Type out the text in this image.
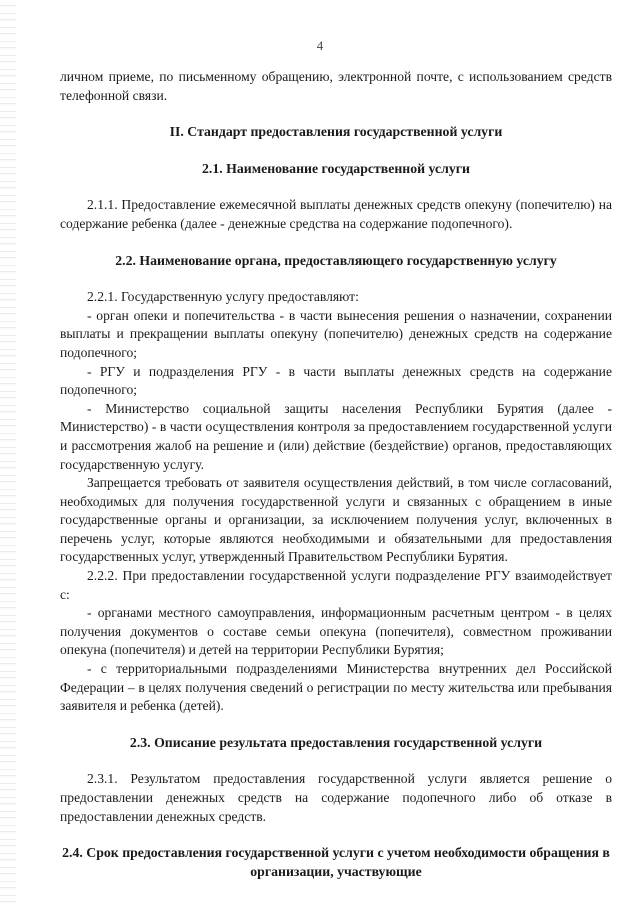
4

личном приеме, по письменному обращению, электронной почте, с использованием средств телефонной связи.

II. Стандарт предоставления государственной услуги

2.1. Наименование государственной услуги

2.1.1. Предоставление ежемесячной выплаты денежных средств опекуну (попечителю) на содержание ребенка (далее - денежные средства на содержание подопечного).

2.2. Наименование органа, предоставляющего государственную услугу

2.2.1. Государственную услугу предоставляют:

- орган опеки и попечительства - в части вынесения решения о назначении, сохранении выплаты и прекращении выплаты опекуну (попечителю) денежных средств на содержание подопечного;

- РГУ и подразделения РГУ - в части выплаты денежных средств на содержание подопечного;

- Министерство социальной защиты населения Республики Бурятия (далее - Министерство) - в части осуществления контроля за предоставлением государственной услуги и рассмотрения жалоб на решение и (или) действие (бездействие) органов, предоставляющих государственную услугу.

Запрещается требовать от заявителя осуществления действий, в том числе согласований, необходимых для получения государственной услуги и связанных с обращением в иные государственные органы и организации, за исключением получения услуг, включенных в перечень услуг, которые являются необходимыми и обязательными для предоставления государственных услуг, утвержденный Правительством Республики Бурятия.

2.2.2. При предоставлении государственной услуги подразделение РГУ взаимодействует с:

- органами местного самоуправления, информационным расчетным центром - в целях получения документов о составе семьи опекуна (попечителя), совместном проживании опекуна (попечителя) и детей на территории Республики Бурятия;

- с территориальными подразделениями Министерства внутренних дел Российской Федерации – в целях получения сведений о регистрации по месту жительства или пребывания заявителя и ребенка (детей).

2.3. Описание результата предоставления государственной услуги

2.3.1. Результатом предоставления государственной услуги является решение о предоставлении денежных средств на содержание подопечного либо об отказе в предоставлении денежных средств.

2.4. Срок предоставления государственной услуги с учетом необходимости обращения в организации, участвующие
